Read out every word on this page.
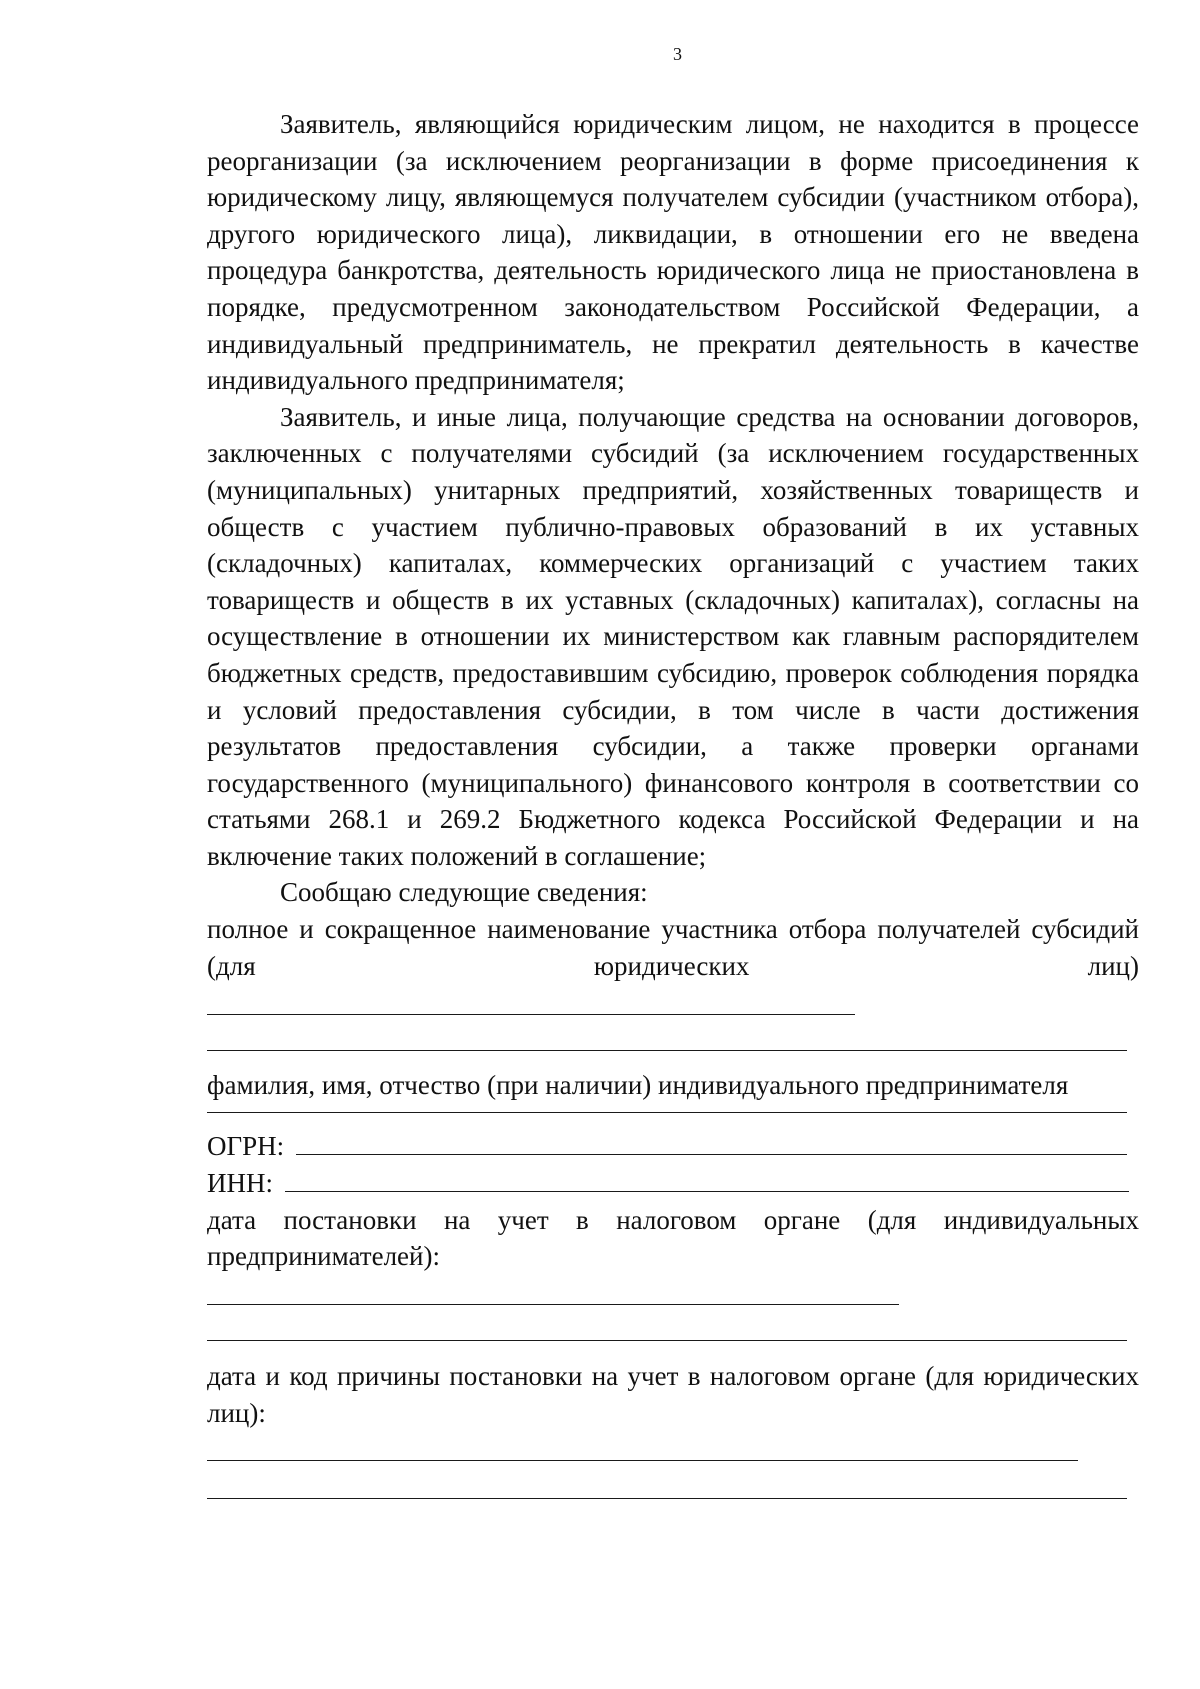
3

Заявитель, являющийся юридическим лицом, не находится в процессе реорганизации (за исключением реорганизации в форме присоединения к юридическому лицу, являющемуся получателем субсидии (участником отбора), другого юридического лица), ликвидации, в отношении его не введена процедура банкротства, деятельность юридического лица не приостановлена в порядке, предусмотренном законодательством Российской Федерации, а индивидуальный предприниматель, не прекратил деятельность в качестве индивидуального предпринимателя;

Заявитель, и иные лица, получающие средства на основании договоров, заключенных с получателями субсидий (за исключением государственных (муниципальных) унитарных предприятий, хозяйственных товариществ и обществ с участием публично-правовых образований в их уставных (складочных) капиталах, коммерческих организаций с участием таких товариществ и обществ в их уставных (складочных) капиталах), согласны на осуществление в отношении их министерством как главным распорядителем бюджетных средств, предоставившим субсидию, проверок соблюдения порядка и условий предоставления субсидии, в том числе в части достижения результатов предоставления субсидии, а также проверки органами государственного (муниципального) финансового контроля в соответствии со статьями 268.1 и 269.2 Бюджетного кодекса Российской Федерации и на включение таких положений в соглашение;

Сообщаю следующие сведения:

полное и сокращенное наименование участника отбора получателей субсидий (для юридических лиц)

фамилия, имя, отчество (при наличии) индивидуального предпринимателя

ОГРН:
ИНН:

дата постановки на учет в налоговом органе (для индивидуальных предпринимателей):

дата и код причины постановки на учет в налоговом органе (для юридических лиц):
